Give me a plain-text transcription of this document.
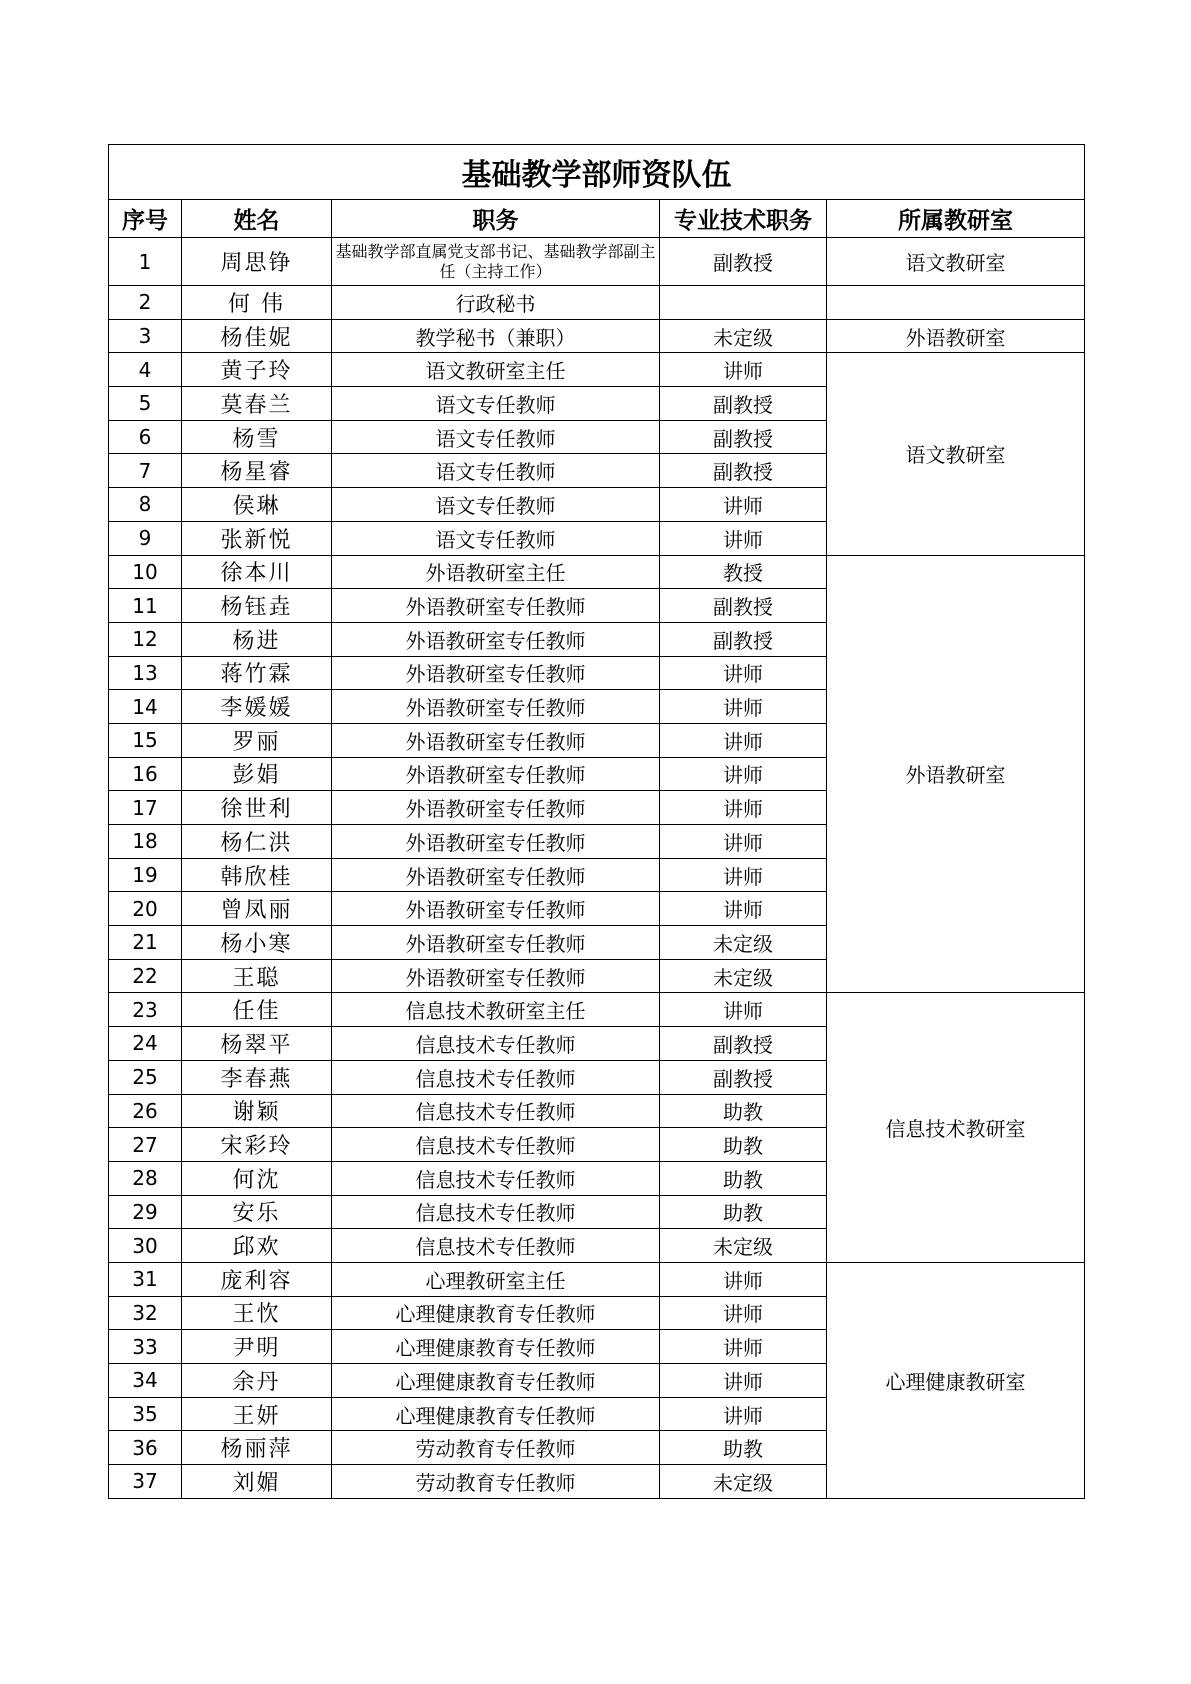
基础教学部师资队伍				
序号	姓名	职务	专业技术职务	所属教研室
1	周思铮	基础教学部直属党支部书记、基础教学部副主任（主持工作）	副教授	语文教研室
2	何 伟	行政秘书		
3	杨佳妮	教学秘书（兼职）	未定级	外语教研室
4	黄子玲	语文教研室主任	讲师	语文教研室
5	莫春兰	语文专任教师	副教授	
6	杨雪	语文专任教师	副教授	
7	杨星睿	语文专任教师	副教授	
8	侯琳	语文专任教师	讲师	
9	张新悦	语文专任教师	讲师	
10	徐本川	外语教研室主任	教授	外语教研室
11	杨钰垚	外语教研室专任教师	副教授	
12	杨进	外语教研室专任教师	副教授	
13	蒋竹霖	外语教研室专任教师	讲师	
14	李媛媛	外语教研室专任教师	讲师	
15	罗丽	外语教研室专任教师	讲师	
16	彭娟	外语教研室专任教师	讲师	
17	徐世利	外语教研室专任教师	讲师	
18	杨仁洪	外语教研室专任教师	讲师	
19	韩欣桂	外语教研室专任教师	讲师	
20	曾凤丽	外语教研室专任教师	讲师	
21	杨小寒	外语教研室专任教师	未定级	
22	王聪	外语教研室专任教师	未定级	
23	任佳	信息技术教研室主任	讲师	信息技术教研室
24	杨翠平	信息技术专任教师	副教授	
25	李春燕	信息技术专任教师	副教授	
26	谢颖	信息技术专任教师	助教	
27	宋彩玲	信息技术专任教师	助教	
28	何沈	信息技术专任教师	助教	
29	安乐	信息技术专任教师	助教	
30	邱欢	信息技术专任教师	未定级	
31	庞利容	心理教研室主任	讲师	心理健康教研室
32	王忺	心理健康教育专任教师	讲师	
33	尹明	心理健康教育专任教师	讲师	
34	余丹	心理健康教育专任教师	讲师	
35	王妍	心理健康教育专任教师	讲师	
36	杨丽萍	劳动教育专任教师	助教	
37	刘媚	劳动教育专任教师	未定级	
